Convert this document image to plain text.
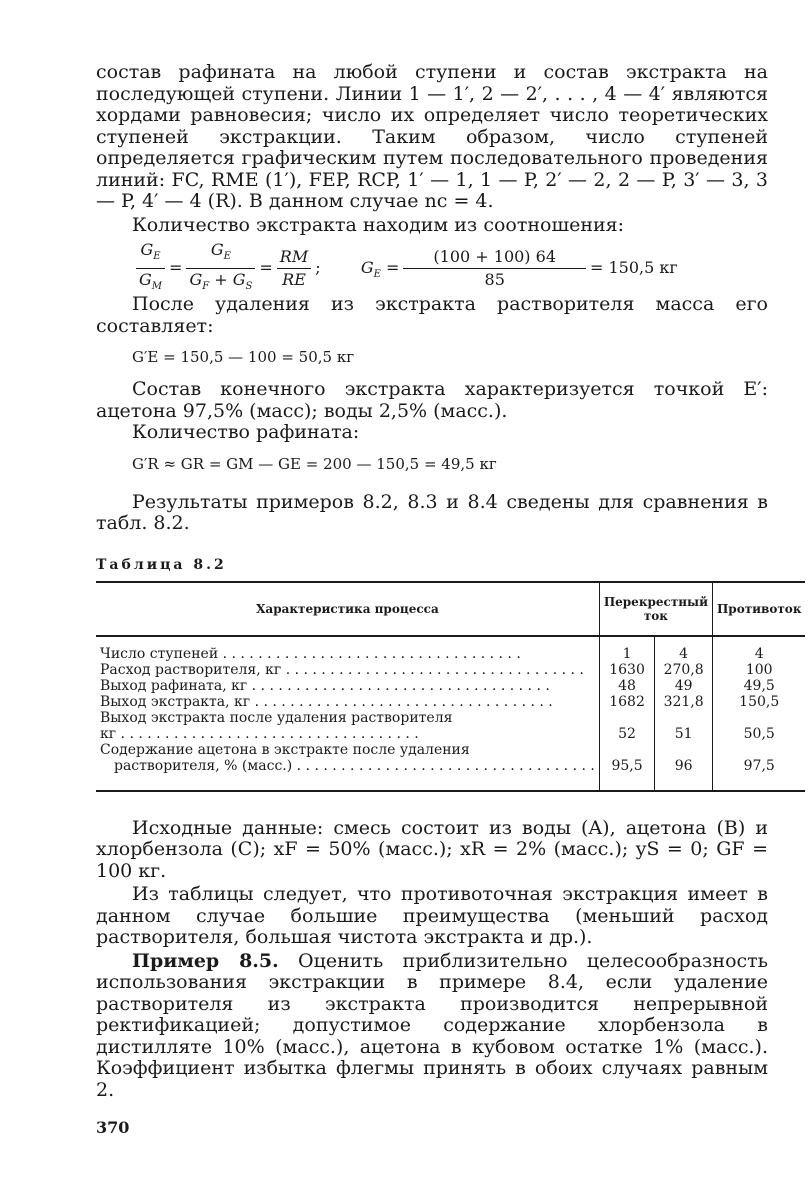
состав рафината на любой ступени и состав экстракта на последующей ступени. Линии 1 — 1′, 2 — 2′, . . . , 4 — 4′ являются хордами равновесия; число их определяет число теоретических ступеней экстракции. Таким образом, число ступеней определяется графическим путем последовательного проведения линий: FC, RME (1′), FEP, RCP, 1′ — 1, 1 — P, 2′ — 2, 2 — P, 3′ — 3, 3 — P, 4′ — 4 (R). В данном случае nc = 4.

Количество экстракта находим из соотношения:

$\frac{G_E}{G_M} = \frac{G_E}{G_F + G_S} = \frac{RM}{RE}$ ;	$G_E = \frac{(100 + 100) 64}{85} = 150,5$ кг

После удаления из экстракта растворителя масса его составляет:

G′E = 150,5 — 100 = 50,5 кг

Состав конечного экстракта характеризуется точкой E′: ацетона 97,5% (масс); воды 2,5% (масс.).

Количество рафината:

G′R ≈ GR = GM — GE = 200 — 150,5 = 49,5 кг

Результаты примеров 8.2, 8.3 и 8.4 сведены для сравнения в табл. 8.2.

Таблица 8.2
Характеристика процесса	Перекрестный ток		Противоток

Число ступеней . . .	1	4	4

Расход растворителя, кг . . .	1630	270,8	100

Выход рафината, кг . . .	48	49	49,5

Выход экстракта, кг . . .	1682	321,8	150,5

Выход экстракта после удаления растворителя
кг . . .	52	51	50,5

Содержание ацетона в экстракте после удаления
растворителя, % (масс.) . . .	95,5	96	97,5

Исходные данные: смесь состоит из воды (A), ацетона (B) и хлорбензола (C); xF = 50% (масс.); xR = 2% (масс.); yS = 0; GF = 100 кг.

Из таблицы следует, что противоточная экстракция имеет в данном случае большие преимущества (меньший расход растворителя, большая чистота экстракта и др.).

Пример 8.5. Оценить приблизительно целесообразность использования экстракции в примере 8.4, если удаление растворителя из экстракта производится непрерывной ректификацией; допустимое содержание хлорбензола в дистилляте 10% (масс.), ацетона в кубовом остатке 1% (масс.). Коэффициент избытка флегмы принять в обоих случаях равным 2.

370
